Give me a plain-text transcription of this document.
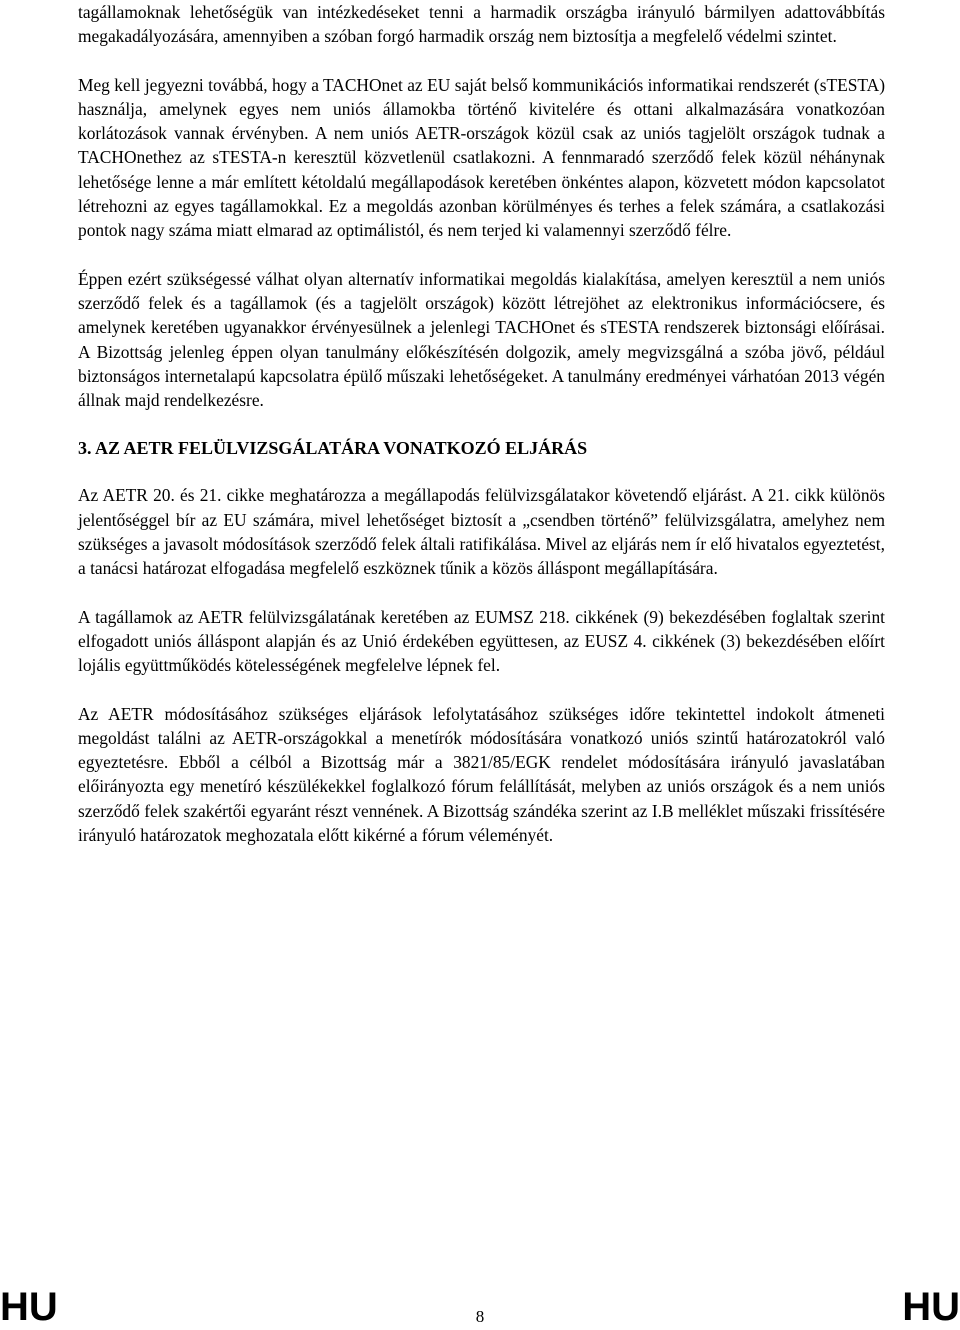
tagállamoknak lehetőségük van intézkedéseket tenni a harmadik országba irányuló bármilyen adattovábbítás megakadályozására, amennyiben a szóban forgó harmadik ország nem biztosítja a megfelelő védelmi szintet.

Meg kell jegyezni továbbá, hogy a TACHOnet az EU saját belső kommunikációs informatikai rendszerét (sTESTA) használja, amelynek egyes nem uniós államokba történő kivitelére és ottani alkalmazására vonatkozóan korlátozások vannak érvényben. A nem uniós AETR-országok közül csak az uniós tagjelölt országok tudnak a TACHOnethez az sTESTA-n keresztül közvetlenül csatlakozni. A fennmaradó szerződő felek közül néhánynak lehetősége lenne a már említett kétoldalú megállapodások keretében önkéntes alapon, közvetett módon kapcsolatot létrehozni az egyes tagállamokkal. Ez a megoldás azonban körülményes és terhes a felek számára, a csatlakozási pontok nagy száma miatt elmarad az optimálistól, és nem terjed ki valamennyi szerződő félre.

Éppen ezért szükségessé válhat olyan alternatív informatikai megoldás kialakítása, amelyen keresztül a nem uniós szerződő felek és a tagállamok (és a tagjelölt országok) között létrejöhet az elektronikus információcsere, és amelynek keretében ugyanakkor érvényesülnek a jelenlegi TACHOnet és sTESTA rendszerek biztonsági előírásai. A Bizottság jelenleg éppen olyan tanulmány előkészítésén dolgozik, amely megvizsgálná a szóba jövő, például biztonságos internetalapú kapcsolatra épülő műszaki lehetőségeket. A tanulmány eredményei várhatóan 2013 végén állnak majd rendelkezésre.

3. AZ AETR FELÜLVIZSGÁLATÁRA VONATKOZÓ ELJÁRÁS

Az AETR 20. és 21. cikke meghatározza a megállapodás felülvizsgálatakor követendő eljárást. A 21. cikk különös jelentőséggel bír az EU számára, mivel lehetőséget biztosít a „csendben történő” felülvizsgálatra, amelyhez nem szükséges a javasolt módosítások szerződő felek általi ratifikálása. Mivel az eljárás nem ír elő hivatalos egyeztetést, a tanácsi határozat elfogadása megfelelő eszköznek tűnik a közös álláspont megállapítására.

A tagállamok az AETR felülvizsgálatának keretében az EUMSZ 218. cikkének (9) bekezdésében foglaltak szerint elfogadott uniós álláspont alapján és az Unió érdekében együttesen, az EUSZ 4. cikkének (3) bekezdésében előírt lojális együttműködés kötelességének megfelelve lépnek fel.

Az AETR módosításához szükséges eljárások lefolytatásához szükséges időre tekintettel indokolt átmeneti megoldást találni az AETR-országokkal a menetírók módosítására vonatkozó uniós szintű határozatokról való egyeztetésre. Ebből a célból a Bizottság már a 3821/85/EGK rendelet módosítására irányuló javaslatában előirányozta egy menetíró készülékekkel foglalkozó fórum felállítását, melyben az uniós országok és a nem uniós szerződő felek szakértői egyaránt részt vennének. A Bizottság szándéka szerint az I.B melléklet műszaki frissítésére irányuló határozatok meghozatala előtt kikérné a fórum véleményét.

HU	8	HU
